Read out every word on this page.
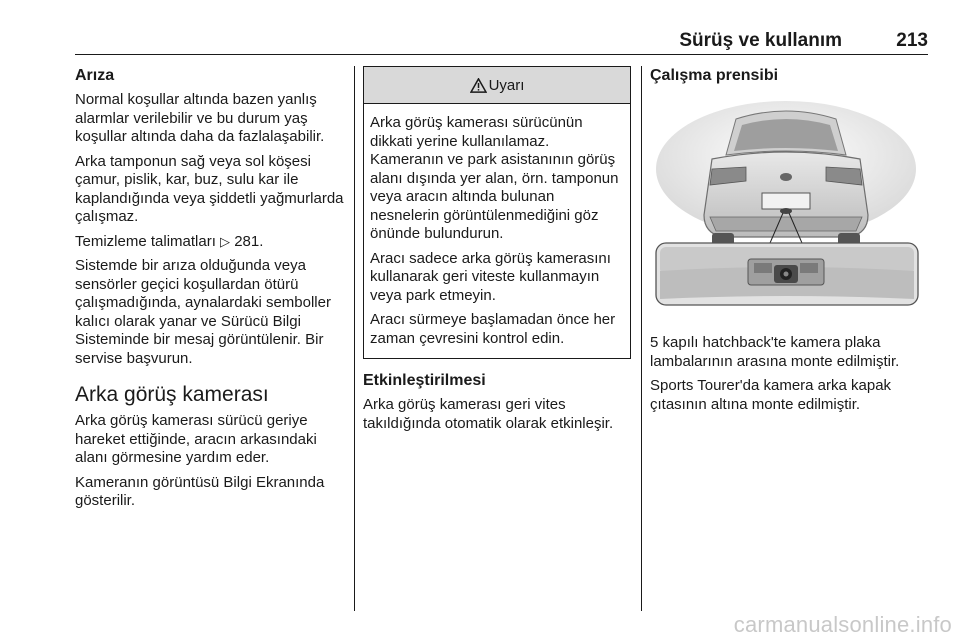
Sürüş ve kullanım	213
Arıza

Normal koşullar altında bazen yanlış alarmlar verilebilir ve bu durum yaş koşullar altında daha da fazlalaşabilir.

Arka tamponun sağ veya sol köşesi çamur, pislik, kar, buz, sulu kar ile kaplandığında veya şiddetli yağmurlarda çalışmaz.

Temizleme talimatları ▷ 281.

Sistemde bir arıza olduğunda veya sensörler geçici koşullardan ötürü çalışmadığında, aynalardaki semboller kalıcı olarak yanar ve Sürücü Bilgi Sisteminde bir mesaj görüntülenir. Bir servise başvurun.

Arka görüş kamerası

Arka görüş kamerası sürücü geriye hareket ettiğinde, aracın arkasındaki alanı görmesine yardım eder.

Kameranın görüntüsü Bilgi Ekranında gösterilir.

Uyarı

Arka görüş kamerası sürücünün dikkati yerine kullanılamaz. Kameranın ve park asistanının görüş alanı dışında yer alan, örn. tamponun veya aracın altında bulunan nesnelerin görüntülenmediğini göz önünde bulundurun.

Aracı sadece arka görüş kamerasını kullanarak geri viteste kullanmayın veya park etmeyin.

Aracı sürmeye başlamadan önce her zaman çevresini kontrol edin.

Etkinleştirilmesi

Arka görüş kamerası geri vites takıldığında otomatik olarak etkinleşir.

Çalışma prensibi

5 kapılı hatchback'te kamera plaka lambalarının arasına monte edilmiştir.

Sports Tourer'da kamera arka kapak çıtasının altına monte edilmiştir.

carmanualsonline.info
